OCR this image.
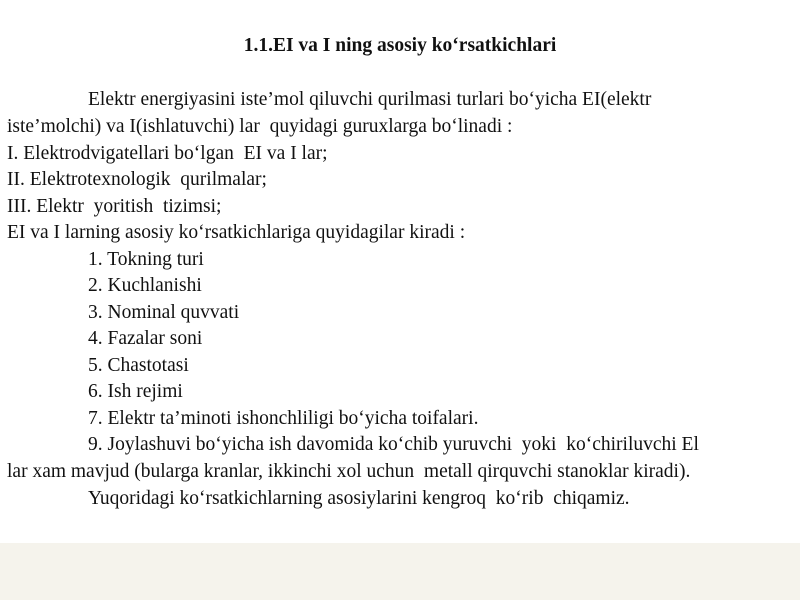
1.1.EI va I ning asosiy ko‘rsatkichlari
Elektr energiyasini iste’mol qiluvchi qurilmasi turlari bo‘yicha EI(elektr
iste’molchi) va I(ishlatuvchi) lar  quyidagi guruxlarga bo‘linadi :
I. Elektrodvigatellari bo‘lgan  EI va I lar;
II. Elektrotexnologik  qurilmalar;
III. Elektr  yoritish  tizimsi;
EI va I larning asosiy ko‘rsatkichlariga quyidagilar kiradi :
1. Tokning turi
2. Kuchlanishi
3. Nominal quvvati
4. Fazalar soni
5. Chastotasi
6. Ish rejimi
7. Elektr ta’minoti ishonchliligi bo‘yicha toifalari.
9. Joylashuvi bo‘yicha ish davomida ko‘chib yuruvchi  yoki  ko‘chiriluvchi El
lar xam mavjud (bularga kranlar, ikkinchi xol uchun  metall qirquvchi stanoklar kiradi).
Yuqoridagi ko‘rsatkichlarning asosiylarini kengroq  ko‘rib  chiqamiz.
